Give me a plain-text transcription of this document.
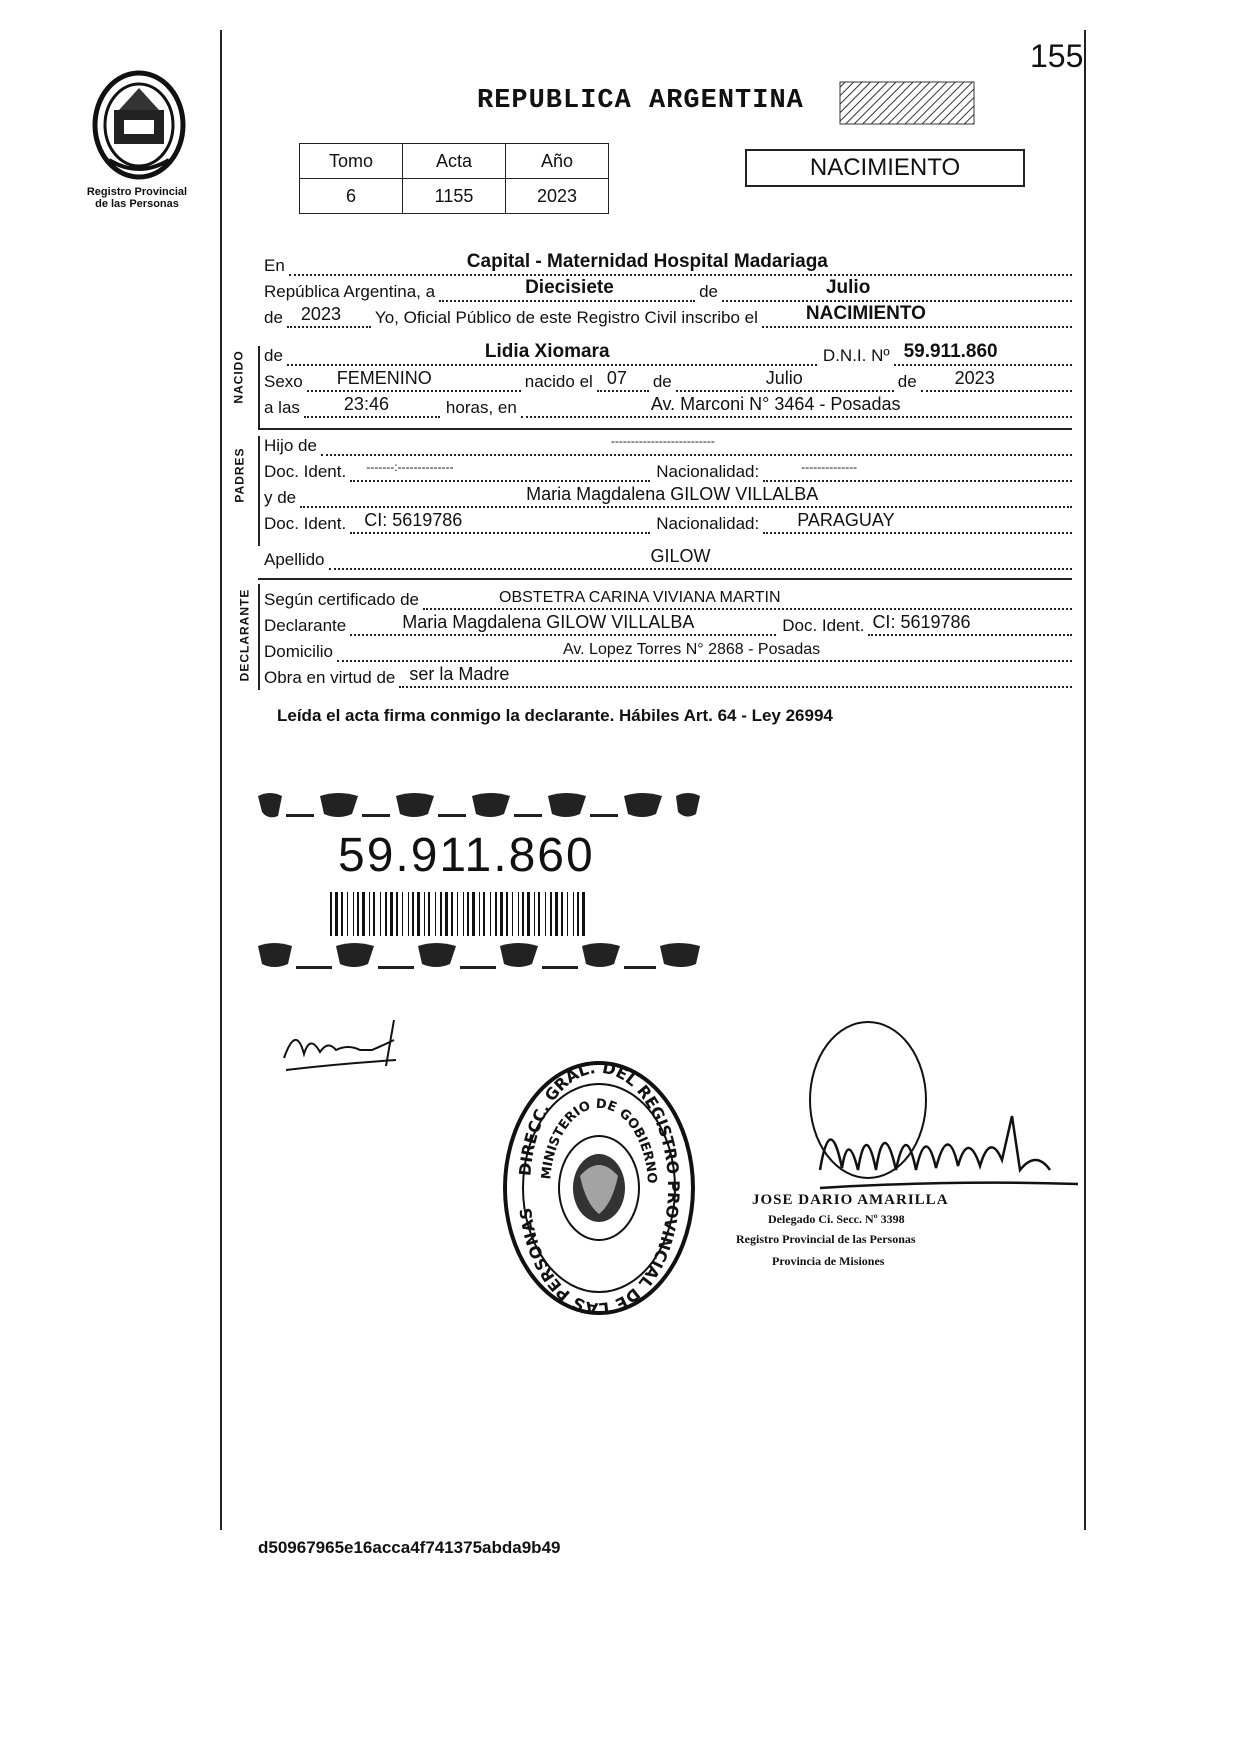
Registro Provincial
de las Personas
155
REPUBLICA ARGENTINA
Tomo	Acta	Año
6	1155	2023
NACIMIENTO
En	Capital - Maternidad Hospital Madariaga
República Argentina, a	Diecisiete	de	Julio
de 2023 Yo, Oficial Público de este Registro Civil inscribo el	NACIMIENTO
NACIDO de	Lidia Xiomara	D.N.I. Nº 59.911.860
Sexo FEMENINO	nacido el 07 de	Julio	de 2023
a las 23:46	horas, en	Av. Marconi N° 3464 - Posadas
PADRES
Hijo de	--------------------------
Doc. Ident.	-------:--------------	Nacionalidad:	--------------
y de	Maria Magdalena GILOW VILLALBA
Doc. Ident. CI: 5619786	Nacionalidad: PARAGUAY
Apellido	GILOW
DECLARANTE Según certificado de	OBSTETRA CARINA VIVIANA MARTIN
Declarante	Maria Magdalena GILOW VILLALBA	Doc. Ident. CI: 5619786
Domicilio	Av. Lopez Torres N° 2868 - Posadas
Obra en virtud de ser la Madre
Leída el acta firma conmigo la declarante. Hábiles Art. 64 - Ley 26994
59.911.860
DIRECC. GRAL. DEL REGISTRO PROVINCIAL DE LAS PERSONAS
MINISTERIO DE GOBIERNO
JOSE DARIO AMARILLA
Delegado Ci. Secc. Nº 3398
Registro Provincial de las Personas
Provincia de Misiones
d50967965e16acca4f741375abda9b49
